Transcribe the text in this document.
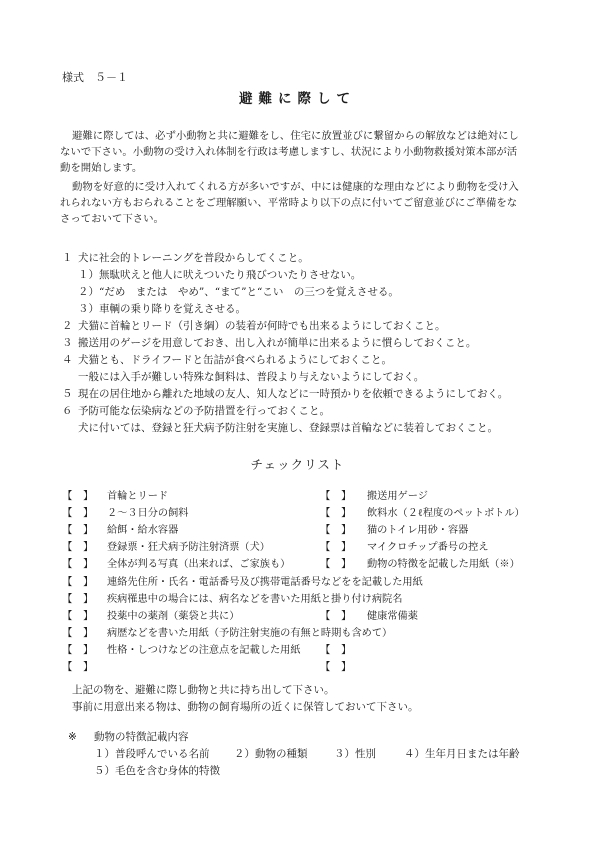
様式　５－１
避難に際して
避難に際しては、必ず小動物と共に避難をし、住宅に放置並びに繋留からの解放などは絶対にし
ないで下さい。小動物の受け入れ体制を行政は考慮しますし、状況により小動物救援対策本部が活
動を開始します。
動物を好意的に受け入れてくれる方が多いですが、中には健康的な理由などにより動物を受け入
れられない方もおられることをご理解願い、平常時より以下の点に付いてご留意並びにご準備をな
さっておいて下さい。
１ 犬に社会的トレーニングを普段からしてくこと。
１）無駄吠えと他人に吠えついたり飛びついたりさせない。
２）“だめ　または　やめ”、“まて”と“こい　の三つを覚えさせる。
３）車輌の乗り降りを覚えさせる。
２ 犬猫に首輪とリード（引き綱）の装着が何時でも出来るようにしておくこと。
３ 搬送用のゲージを用意しておき、出し入れが簡単に出来るように慣らしておくこと。
４ 犬猫とも、ドライフードと缶詰が食べられるようにしておくこと。
一般には入手が難しい特殊な飼料は、普段より与えないようにしておく。
５ 現在の居住地から離れた地域の友人、知人などに一時預かりを依頼できるようにしておく。
６ 予防可能な伝染病などの予防措置を行っておくこと。
犬に付いては、登録と狂犬病予防注射を実施し、登録票は首輪などに装着しておくこと。
チェックリスト
【　】 首輪とリード	【　】 搬送用ゲージ
【　】 ２～３日分の飼料	【　】 飲料水（２ℓ程度のペットボトル）
【　】 給餌・給水容器	【　】 猫のトイレ用砂・容器
【　】 登録票・狂犬病予防注射済票（犬）	【　】 マイクロチップ番号の控え
【　】 全体が判る写真（出来れば、ご家族も）	【　】 動物の特徴を記載した用紙（※）
【　】 連絡先住所・氏名・電話番号及び携帯電話番号などをを記載した用紙
【　】 疾病罹患中の場合には、病名などを書いた用紙と掛り付け病院名
【　】 投薬中の薬剤（薬袋と共に）	【　】 健康常備薬
【　】 病歴などを書いた用紙（予防注射実施の有無と時期も含めて）
【　】 性格・しつけなどの注意点を記載した用紙 【　】
【　】	【　】
上記の物を、避難に際し動物と共に持ち出して下さい。
事前に用意出来る物は、動物の飼育場所の近くに保管しておいて下さい。
※ 動物の特徴記載内容
１）普段呼んでいる名前 ２）動物の種類	３）性別	４）生年月日または年齢
５）毛色を含む身体的特徴
